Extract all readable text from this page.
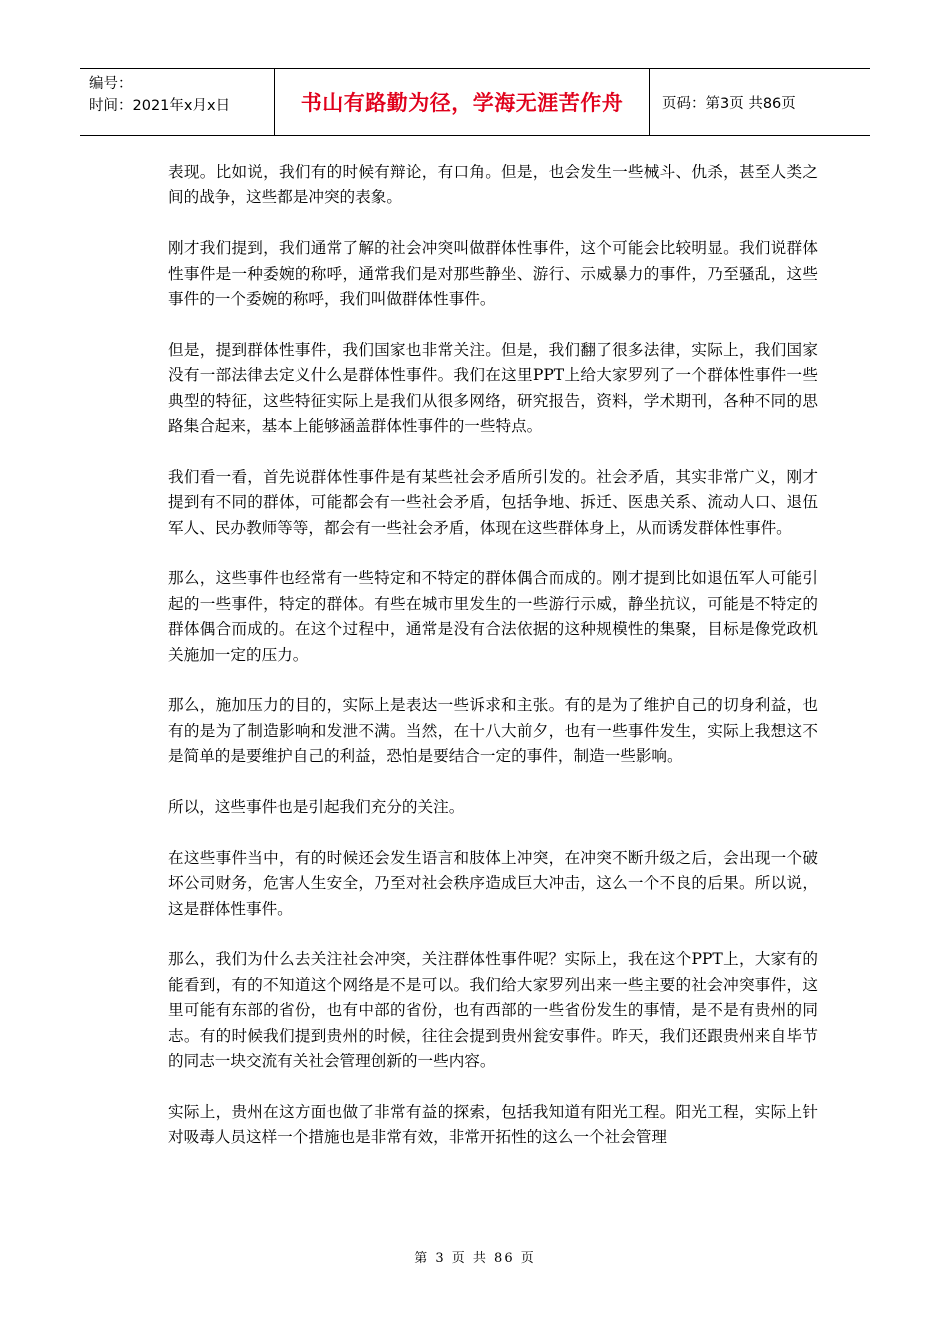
编号：
时间：2021年x月x日	书山有路勤为径，学海无涯苦作舟	页码：第3页 共86页

表现。比如说，我们有的时候有辩论，有口角。但是，也会发生一些械斗、仇杀，甚至人类之间的战争，这些都是冲突的表象。

刚才我们提到，我们通常了解的社会冲突叫做群体性事件，这个可能会比较明显。我们说群体性事件是一种委婉的称呼，通常我们是对那些静坐、游行、示威暴力的事件，乃至骚乱，这些事件的一个委婉的称呼，我们叫做群体性事件。

但是，提到群体性事件，我们国家也非常关注。但是，我们翻了很多法律，实际上，我们国家没有一部法律去定义什么是群体性事件。我们在这里PPT上给大家罗列了一个群体性事件一些典型的特征，这些特征实际上是我们从很多网络，研究报告，资料，学术期刊，各种不同的思路集合起来，基本上能够涵盖群体性事件的一些特点。

我们看一看，首先说群体性事件是有某些社会矛盾所引发的。社会矛盾，其实非常广义，刚才提到有不同的群体，可能都会有一些社会矛盾，包括争地、拆迁、医患关系、流动人口、退伍军人、民办教师等等，都会有一些社会矛盾，体现在这些群体身上，从而诱发群体性事件。

那么，这些事件也经常有一些特定和不特定的群体偶合而成的。刚才提到比如退伍军人可能引起的一些事件，特定的群体。有些在城市里发生的一些游行示威，静坐抗议，可能是不特定的群体偶合而成的。在这个过程中，通常是没有合法依据的这种规模性的集聚，目标是像党政机关施加一定的压力。

那么，施加压力的目的，实际上是表达一些诉求和主张。有的是为了维护自己的切身利益，也有的是为了制造影响和发泄不满。当然，在十八大前夕，也有一些事件发生，实际上我想这不是简单的是要维护自己的利益，恐怕是要结合一定的事件，制造一些影响。

所以，这些事件也是引起我们充分的关注。

在这些事件当中，有的时候还会发生语言和肢体上冲突，在冲突不断升级之后，会出现一个破坏公司财务，危害人生安全，乃至对社会秩序造成巨大冲击，这么一个不良的后果。所以说，这是群体性事件。

那么，我们为什么去关注社会冲突，关注群体性事件呢？实际上，我在这个PPT上，大家有的能看到，有的不知道这个网络是不是可以。我们给大家罗列出来一些主要的社会冲突事件，这里可能有东部的省份，也有中部的省份，也有西部的一些省份发生的事情，是不是有贵州的同志。有的时候我们提到贵州的时候，往往会提到贵州瓮安事件。昨天，我们还跟贵州来自毕节的同志一块交流有关社会管理创新的一些内容。

实际上，贵州在这方面也做了非常有益的探索，包括我知道有阳光工程。阳光工程，实际上针对吸毒人员这样一个措施也是非常有效，非常开拓性的这么一个社会管理

第 3 页 共 86 页
